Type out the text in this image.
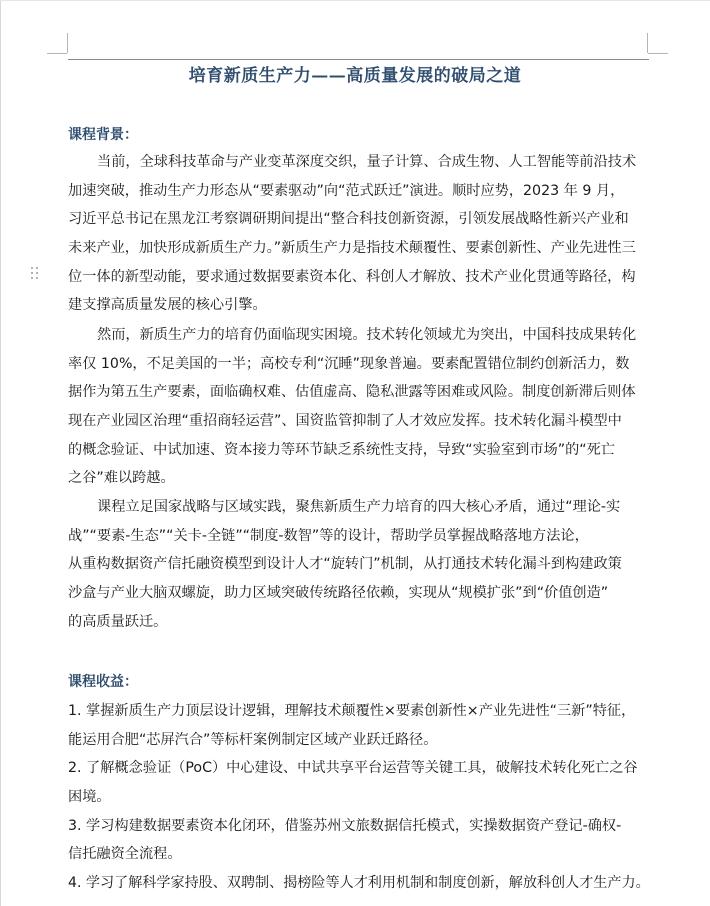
培育新质生产力——高质量发展的破局之道
课程背景：
当前，全球科技革命与产业变革深度交织，量子计算、合成生物、人工智能等前沿技术
加速突破，推动生产力形态从“要素驱动”向“范式跃迁”演进。顺时应势，2023 年 9 月，
习近平总书记在黑龙江考察调研期间提出“整合科技创新资源，引领发展战略性新兴产业和
未来产业，加快形成新质生产力。”新质生产力是指技术颠覆性、要素创新性、产业先进性三
位一体的新型动能，要求通过数据要素资本化、科创人才解放、技术产业化贯通等路径，构
建支撑高质量发展的核心引擎。
然而，新质生产力的培育仍面临现实困境。技术转化领域尤为突出，中国科技成果转化
率仅 10%，不足美国的一半；高校专利“沉睡”现象普遍。要素配置错位制约创新活力，数
据作为第五生产要素，面临确权难、估值虚高、隐私泄露等困难或风险。制度创新滞后则体
现在产业园区治理“重招商轻运营”、国资监管抑制了人才效应发挥。技术转化漏斗模型中
的概念验证、中试加速、资本接力等环节缺乏系统性支持，导致“实验室到市场”的“死亡
之谷”难以跨越。
课程立足国家战略与区域实践，聚焦新质生产力培育的四大核心矛盾，通过“理论-实
战”“要素-生态”“关卡-全链”“制度-数智”等的设计，帮助学员掌握战略落地方法论，
从重构数据资产信托融资模型到设计人才“旋转门”机制，从打通技术转化漏斗到构建政策
沙盒与产业大脑双螺旋，助力区域突破传统路径依赖，实现从“规模扩张”到“价值创造”
的高质量跃迁。
课程收益：
1. 掌握新质生产力顶层设计逻辑，理解技术颠覆性×要素创新性×产业先进性“三新”特征，
能运用合肥“芯屏汽合”等标杆案例制定区域产业跃迁路径。
2. 了解概念验证（PoC）中心建设、中试共享平台运营等关键工具，破解技术转化死亡之谷
困境。
3. 学习构建数据要素资本化闭环，借鉴苏州文旅数据信托模式，实操数据资产登记-确权-
信托融资全流程。
4. 学习了解科学家持股、双聘制、揭榜险等人才利用机制和制度创新，解放科创人才生产力。
